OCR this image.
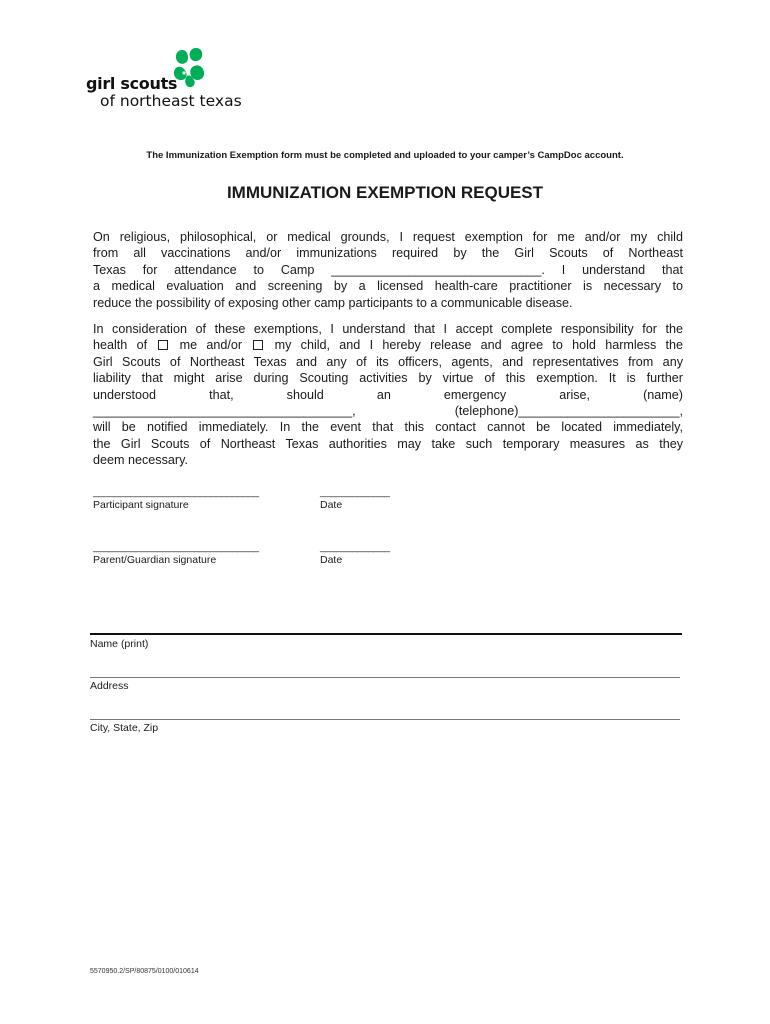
girl scouts
of northeast texas
The Immunization Exemption form must be completed and uploaded to your camper’s CampDoc account.
IMMUNIZATION EXEMPTION REQUEST
On religious, philosophical, or medical grounds, I request exemption for me and/or my child
from all vaccinations and/or immunizations required by the Girl Scouts of Northeast
Texas for attendance to Camp ______________________________. I understand that
a medical evaluation and screening by a licensed health-care practitioner is necessary to
reduce the possibility of exposing other camp participants to a communicable disease.
In consideration of these exemptions, I understand that I accept complete responsibility for the
health of	me and/or	my child, and I hereby release and agree to hold harmless the
Girl Scouts of Northeast Texas and any of its officers, agents, and representatives from any
liability that might arise during Scouting activities by virtue of this exemption. It is further
understood that, should an emergency arise, (name)
_____________________________________, (telephone)_______________________,
will be notified immediately. In the event that this contact cannot be located immediately,
the Girl Scouts of Northeast Texas authorities may take such temporary measures as they
deem necessary.
_______________________________	_____________
Participant signature	Date
_______________________________	_____________
Parent/Guardian signature	Date
Name (print)
Address
City, State, Zip
5570950.2/SP/80875/0100/010614
